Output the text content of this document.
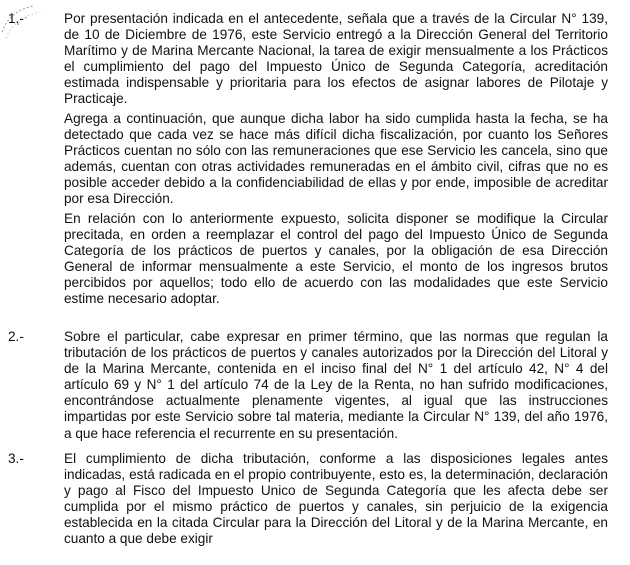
1.-	Por presentación indicada en el antecedente, señala que a través de la Circular N° 139, de 10 de Diciembre de 1976, este Servicio entregó a la Dirección General del Territorio Marítimo y de Marina Mercante Nacional, la tarea de exigir mensualmente a los Prácticos el cumplimiento del pago del Impuesto Único de Segunda Categoría, acreditación estimada indispensable y prioritaria para los efectos de asignar labores de Pilotaje y Practicaje.

Agrega a continuación, que aunque dicha labor ha sido cumplida hasta la fecha, se ha detectado que cada vez se hace más difícil dicha fiscalización, por cuanto los Señores Prácticos cuentan no sólo con las remuneraciones que ese Servicio les cancela, sino que además, cuentan con otras actividades remuneradas en el ámbito civil, cifras que no es posible acceder debido a la confidenciabilidad de ellas y por ende, imposible de acreditar por esa Dirección.

En relación con lo anteriormente expuesto, solicita disponer se modifique la Circular precitada, en orden a reemplazar el control del pago del Impuesto Único de Segunda Categoría de los prácticos de puertos y canales, por la obligación de esa Dirección General de informar mensualmente a este Servicio, el monto de los ingresos brutos percibidos por aquellos; todo ello de acuerdo con las modalidades que este Servicio estime necesario adoptar.

2.-	Sobre el particular, cabe expresar en primer término, que las normas que regulan la tributación de los prácticos de puertos y canales autorizados por la Dirección del Litoral y de la Marina Mercante, contenida en el inciso final del N° 1 del artículo 42, N° 4 del artículo 69 y N° 1 del artículo 74 de la Ley de la Renta, no han sufrido modificaciones, encontrándose actualmente plenamente vigentes, al igual que las instrucciones impartidas por este Servicio sobre tal materia, mediante la Circular N° 139, del año 1976, a que hace referencia el recurrente en su presentación.

3.-	El cumplimiento de dicha tributación, conforme a las disposiciones legales antes indicadas, está radicada en el propio contribuyente, esto es, la determinación, declaración y pago al Fisco del Impuesto Unico de Segunda Categoría que les afecta debe ser cumplida por el mismo práctico de puertos y canales, sin perjuicio de la exigencia establecida en la citada Circular para la Dirección del Litoral y de la Marina Mercante, en cuanto a que debe exigir
